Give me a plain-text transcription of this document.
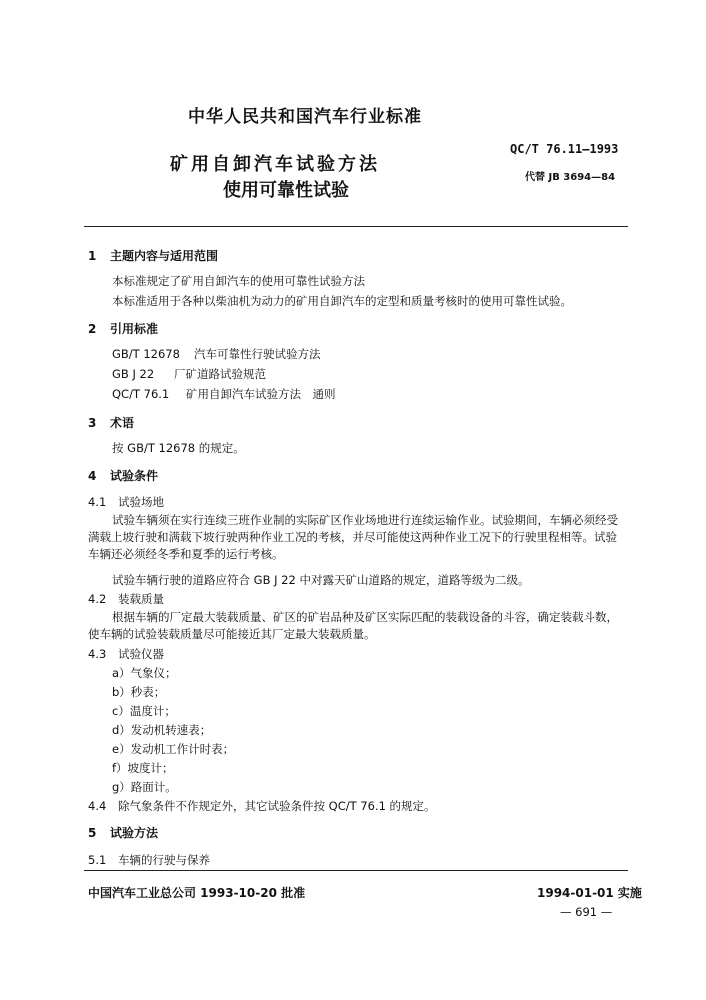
中华人民共和国汽车行业标准
QC/T 76.11—1993
矿用自卸汽车试验方法
使用可靠性试验
代替 JB 3694—84
1 主题内容与适用范围
本标准规定了矿用自卸汽车的使用可靠性试验方法
本标准适用于各种以柴油机为动力的矿用自卸汽车的定型和质量考核时的使用可靠性试验。
2 引用标准
GB/T 12678 汽车可靠性行驶试验方法
GB J 22 厂矿道路试验规范
QC/T 76.1 矿用自卸汽车试验方法　通则
3 术语
按 GB/T 12678 的规定。
4 试验条件
4.1 试验场地
试验车辆须在实行连续三班作业制的实际矿区作业场地进行连续运输作业。试验期间，车辆必须经受满载上坡行驶和满载下坡行驶两种作业工况的考核，并尽可能使这两种作业工况下的行驶里程相等。试验车辆还必须经冬季和夏季的运行考核。
试验车辆行驶的道路应符合 GB J 22 中对露天矿山道路的规定，道路等级为二级。
4.2 装载质量
根据车辆的厂定最大装载质量、矿区的矿岩品种及矿区实际匹配的装载设备的斗容，确定装载斗数，使车辆的试验装载质量尽可能接近其厂定最大装载质量。
4.3 试验仪器
a）气象仪；
b）秒表；
c）温度计；
d）发动机转速表；
e）发动机工作计时表；
f）坡度计；
g）路面计。
4.4 除气象条件不作规定外，其它试验条件按 QC/T 76.1 的规定。
5 试验方法
5.1 车辆的行驶与保养
中国汽车工业总公司 1993-10-20 批准	1994-01-01 实施
— 691 —
